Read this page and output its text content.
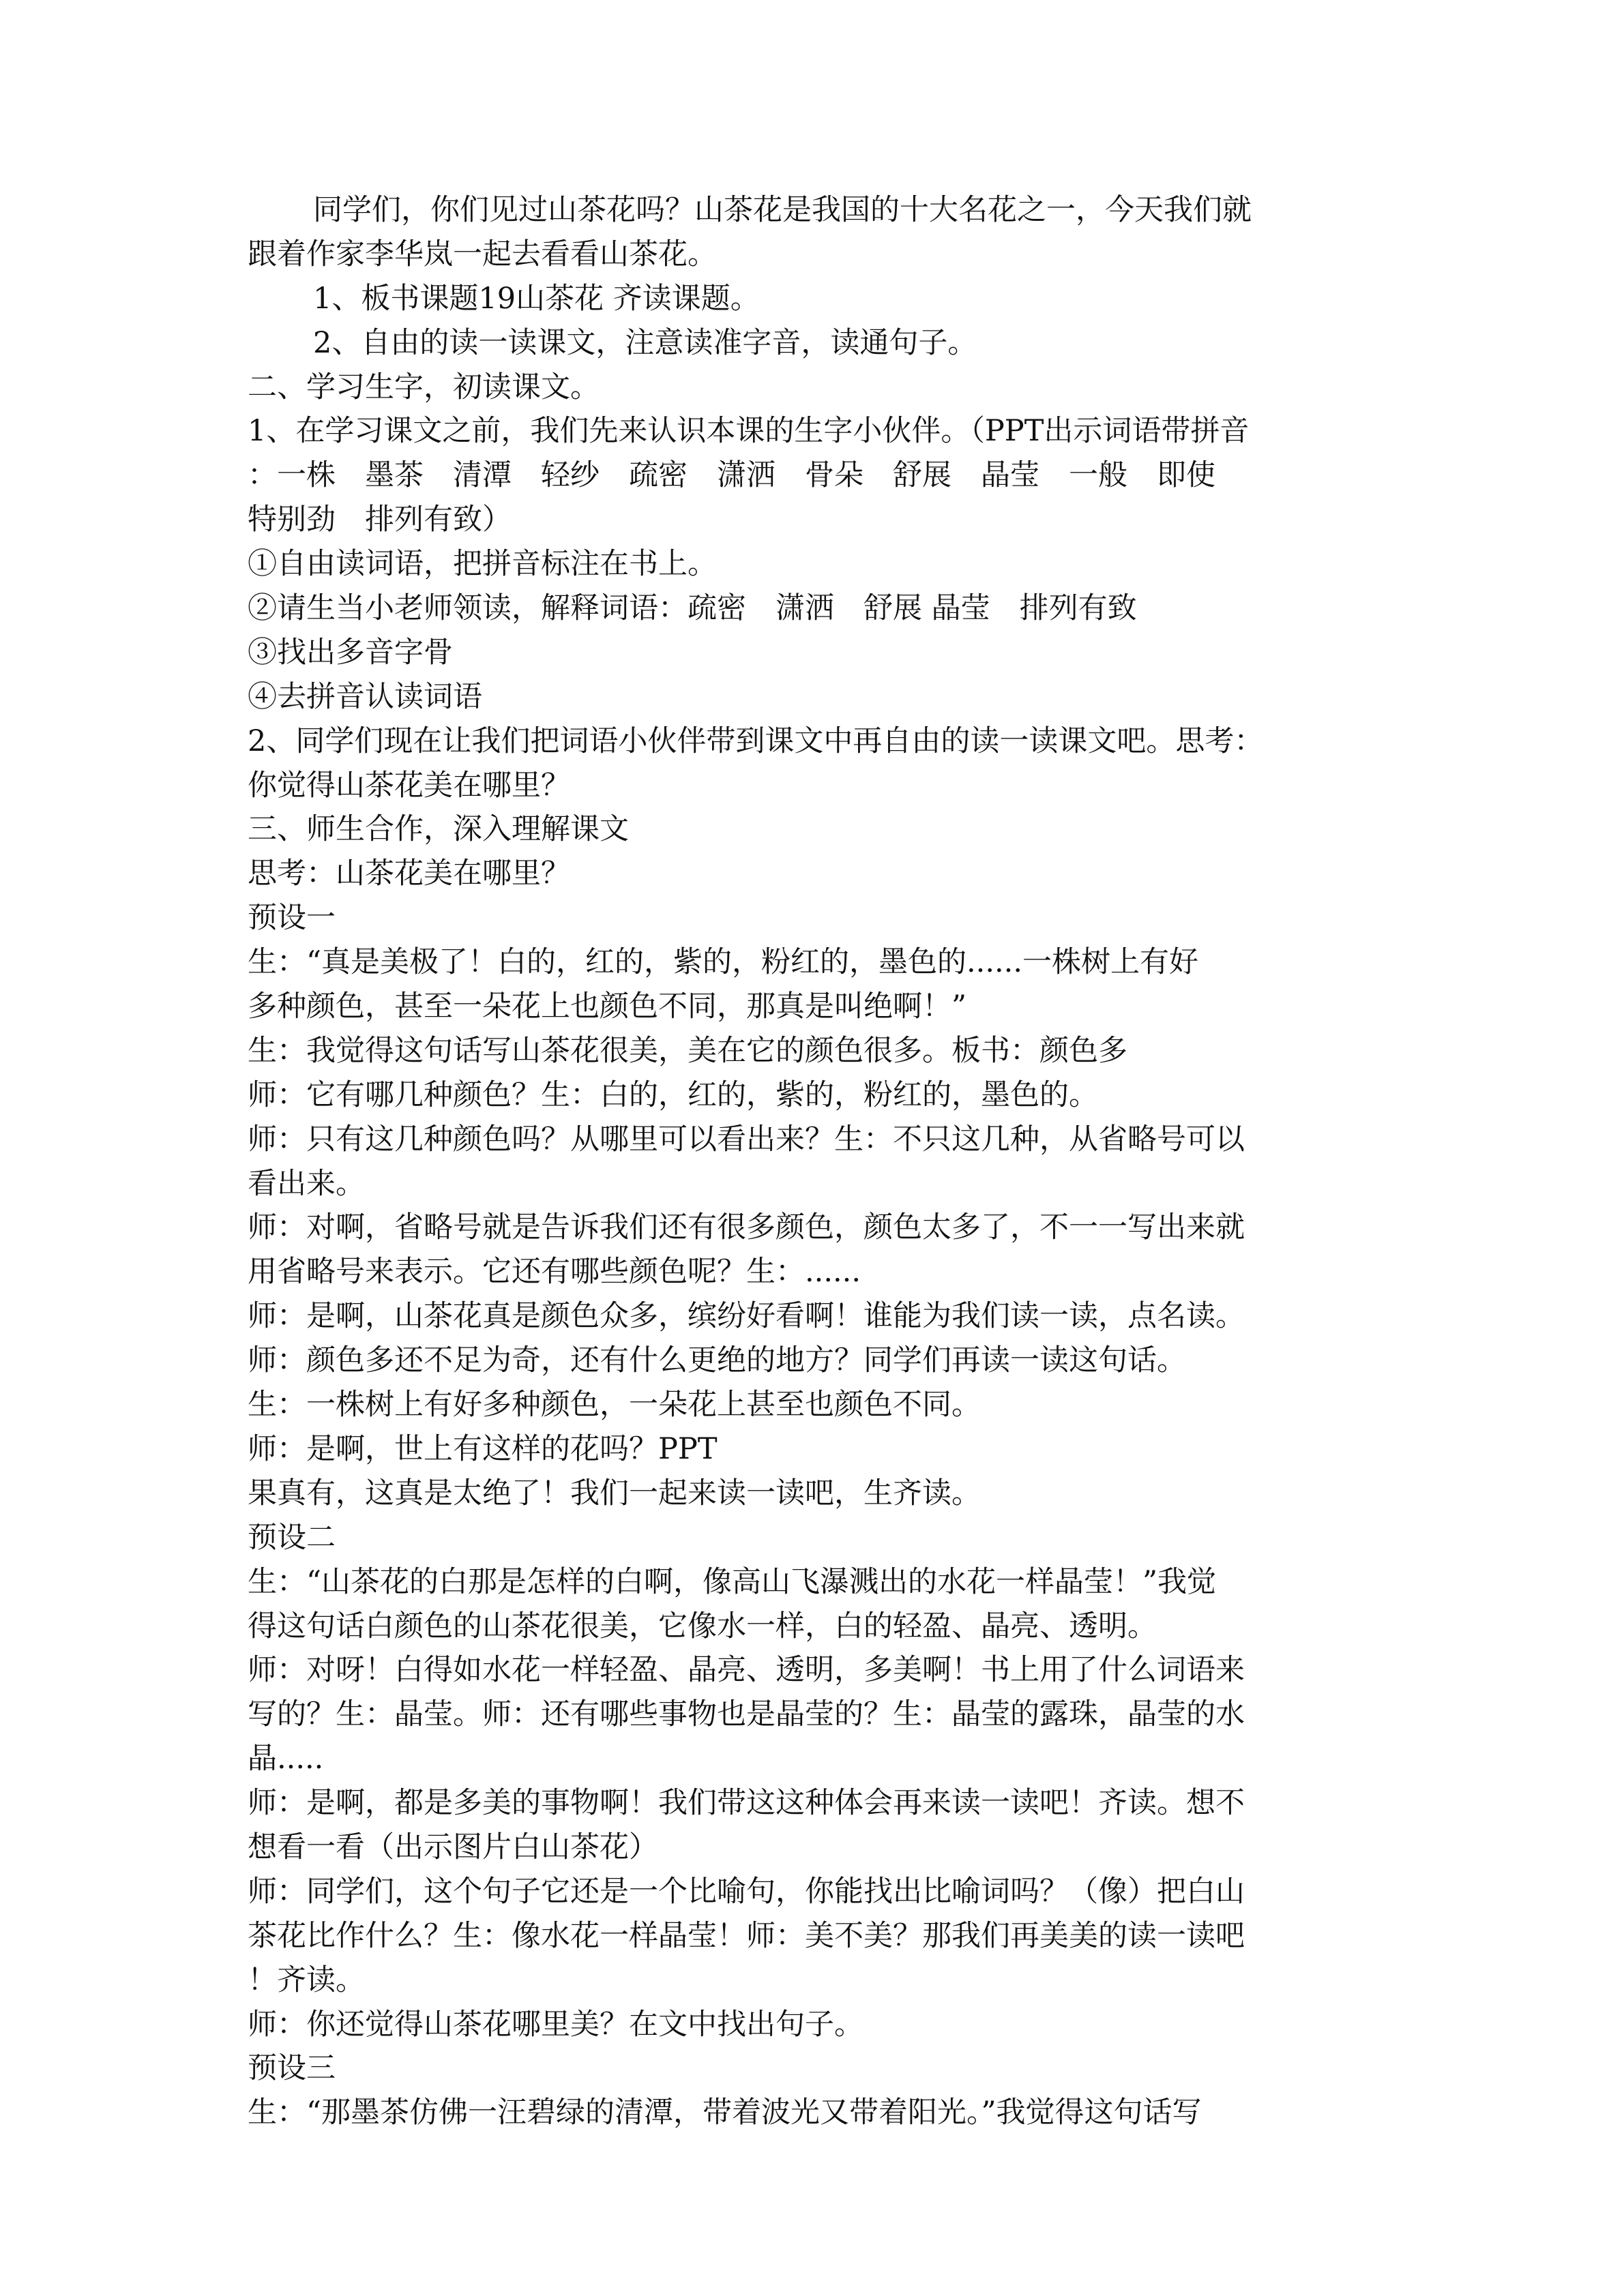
同学们，你们见过山茶花吗？山茶花是我国的十大名花之一，今天我们就
跟着作家李华岚一起去看看山茶花。
1、板书课题19山茶花 齐读课题。
2、自由的读一读课文，注意读准字音，读通句子。
二、学习生字，初读课文。
1、在学习课文之前，我们先来认识本课的生字小伙伴。（PPT出示词语带拼音
：一株　墨茶　清潭　轻纱　疏密　潇洒　骨朵　舒展　晶莹　一般　即使
特别劲　排列有致）
①自由读词语，把拼音标注在书上。
②请生当小老师领读，解释词语：疏密　潇洒　舒展 晶莹　排列有致
③找出多音字骨
④去拼音认读词语
2、同学们现在让我们把词语小伙伴带到课文中再自由的读一读课文吧。思考：
你觉得山茶花美在哪里？
三、师生合作，深入理解课文
思考：山茶花美在哪里？
预设一
生：“真是美极了！白的，红的，紫的，粉红的，墨色的......一株树上有好
多种颜色，甚至一朵花上也颜色不同，那真是叫绝啊！”
生：我觉得这句话写山茶花很美，美在它的颜色很多。板书：颜色多
师：它有哪几种颜色？生：白的，红的，紫的，粉红的，墨色的。
师：只有这几种颜色吗？从哪里可以看出来？生：不只这几种，从省略号可以
看出来。
师：对啊，省略号就是告诉我们还有很多颜色，颜色太多了，不一一写出来就
用省略号来表示。它还有哪些颜色呢？生：......
师：是啊，山茶花真是颜色众多，缤纷好看啊！谁能为我们读一读，点名读。
师：颜色多还不足为奇，还有什么更绝的地方？同学们再读一读这句话。
生：一株树上有好多种颜色，一朵花上甚至也颜色不同。
师：是啊，世上有这样的花吗？PPT
果真有，这真是太绝了！我们一起来读一读吧，生齐读。
预设二
生：“山茶花的白那是怎样的白啊，像高山飞瀑溅出的水花一样晶莹！”我觉
得这句话白颜色的山茶花很美，它像水一样，白的轻盈、晶亮、透明。
师：对呀！白得如水花一样轻盈、晶亮、透明，多美啊！书上用了什么词语来
写的？生：晶莹。师：还有哪些事物也是晶莹的？生：晶莹的露珠，晶莹的水
晶.....
师：是啊，都是多美的事物啊！我们带这这种体会再来读一读吧！齐读。想不
想看一看（出示图片白山茶花）
师：同学们，这个句子它还是一个比喻句，你能找出比喻词吗？（像）把白山
茶花比作什么？生：像水花一样晶莹！师：美不美？那我们再美美的读一读吧
！齐读。
师：你还觉得山茶花哪里美？在文中找出句子。
预设三
生：“那墨茶仿佛一汪碧绿的清潭，带着波光又带着阳光。”我觉得这句话写
